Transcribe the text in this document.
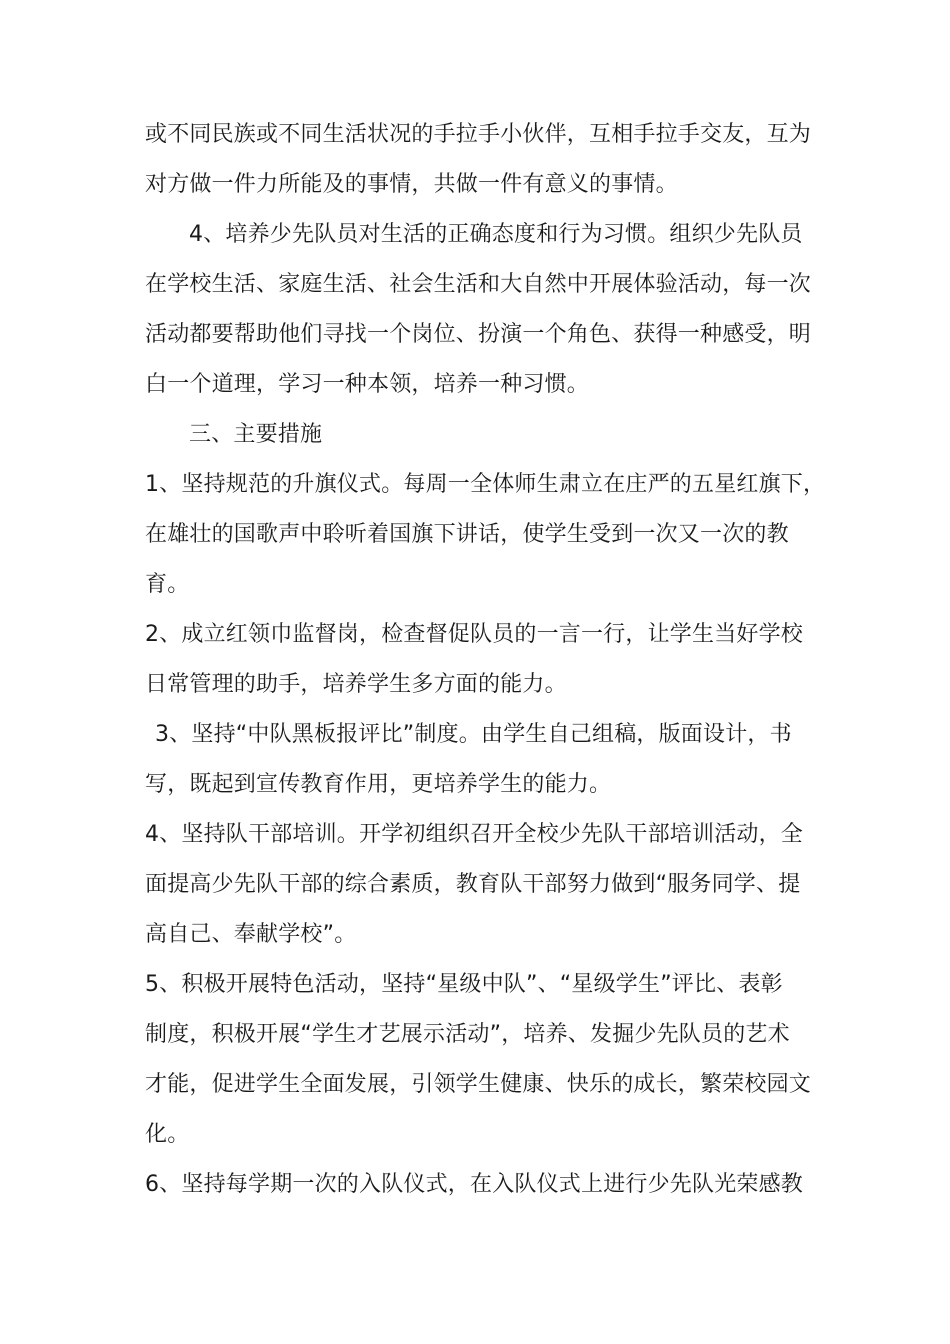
或不同民族或不同生活状况的手拉手小伙伴，互相手拉手交友，互为
对方做一件力所能及的事情，共做一件有意义的事情。
4、培养少先队员对生活的正确态度和行为习惯。组织少先队员
在学校生活、家庭生活、社会生活和大自然中开展体验活动，每一次
活动都要帮助他们寻找一个岗位、扮演一个角色、获得一种感受，明
白一个道理，学习一种本领，培养一种习惯。
三、主要措施
1、坚持规范的升旗仪式。每周一全体师生肃立在庄严的五星红旗下，
在雄壮的国歌声中聆听着国旗下讲话，使学生受到一次又一次的教
育。
2、成立红领巾监督岗，检查督促队员的一言一行，让学生当好学校
日常管理的助手，培养学生多方面的能力。
3、坚持“中队黑板报评比”制度。由学生自己组稿，版面设计，书
写，既起到宣传教育作用，更培养学生的能力。
4、坚持队干部培训。开学初组织召开全校少先队干部培训活动，全
面提高少先队干部的综合素质，教育队干部努力做到“服务同学、提
高自己、奉献学校”。
5、积极开展特色活动，坚持“星级中队”、“星级学生”评比、表彰
制度，积极开展“学生才艺展示活动”，培养、发掘少先队员的艺术
才能，促进学生全面发展，引领学生健康、快乐的成长，繁荣校园文
化。
6、坚持每学期一次的入队仪式，在入队仪式上进行少先队光荣感教
